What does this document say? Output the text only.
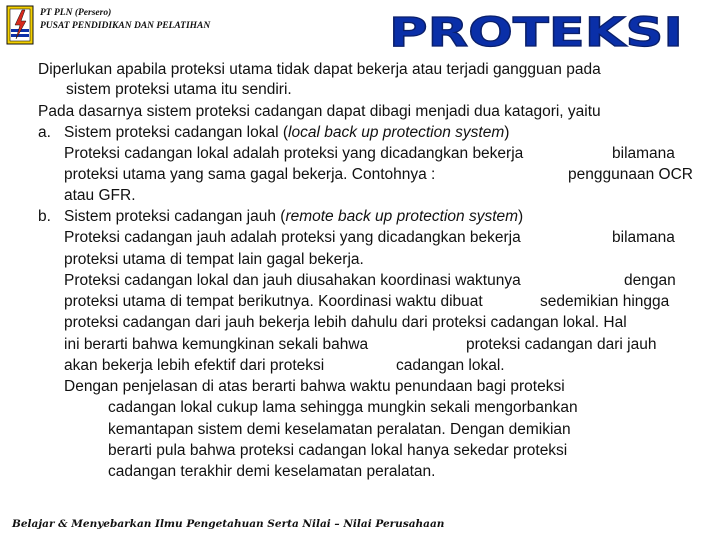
PT PLN (Persero)
PUSAT PENDIDIKAN DAN PELATIHAN	PROTEKSI
Diperlukan apabila proteksi utama tidak dapat bekerja atau terjadi gangguan pada
sistem proteksi utama itu sendiri.
Pada dasarnya sistem proteksi cadangan dapat dibagi menjadi dua katagori, yaitu
a. Sistem proteksi cadangan lokal ( local back up protection system )
Proteksi cadangan lokal adalah proteksi yang dicadangkan bekerja	bilamana
proteksi utama yang sama gagal bekerja. Contohnya :	penggunaan OCR
atau GFR.
b. Sistem proteksi cadangan jauh ( remote back up protection system )
Proteksi cadangan jauh adalah proteksi yang dicadangkan bekerja	bilamana
proteksi utama di tempat lain gagal bekerja.
Proteksi cadangan lokal dan jauh diusahakan koordinasi waktunya	dengan
proteksi utama di tempat berikutnya. Koordinasi waktu dibuat	sedemikian hingga
proteksi cadangan dari jauh bekerja lebih dahulu dari proteksi cadangan lokal. Hal
ini berarti bahwa kemungkinan sekali bahwa	proteksi cadangan dari jauh
akan bekerja lebih efektif dari proteksi	cadangan lokal.
Dengan penjelasan di atas berarti bahwa waktu penundaan bagi proteksi
cadangan lokal cukup lama sehingga mungkin sekali mengorbankan
kemantapan sistem demi keselamatan peralatan. Dengan demikian
berarti pula bahwa proteksi cadangan lokal hanya sekedar proteksi
cadangan terakhir demi keselamatan peralatan.
Belajar & Menyebarkan Ilmu Pengetahuan Serta Nilai – Nilai Perusahaan
